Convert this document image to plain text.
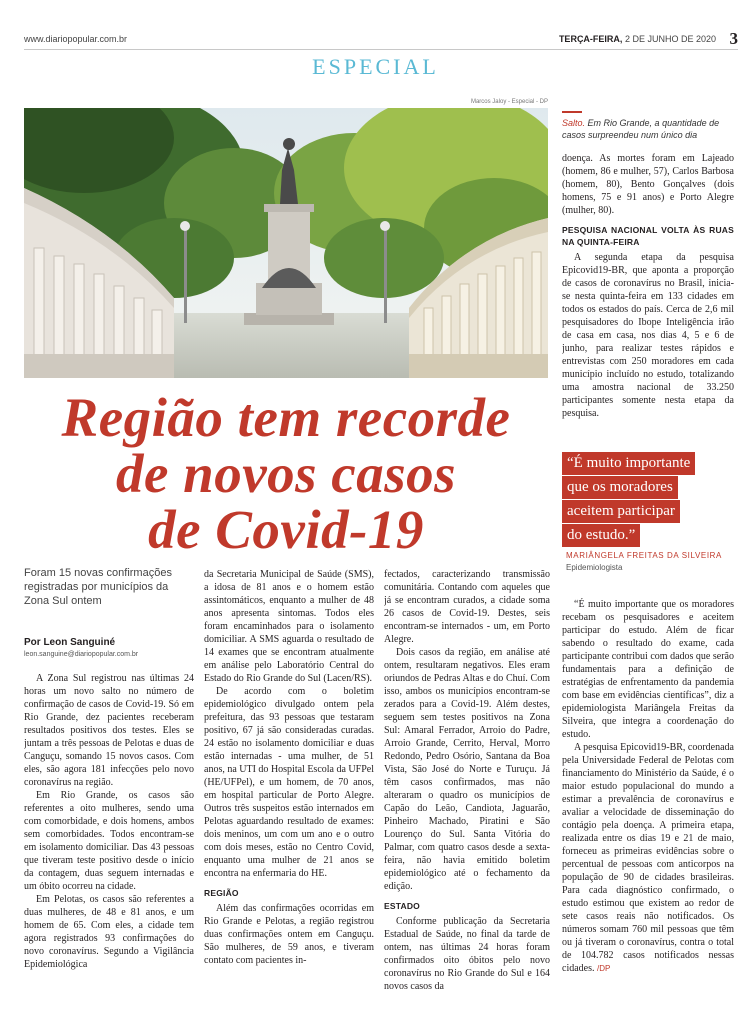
www.diariopopular.com.br	TERÇA-FEIRA, 2 DE JUNHO DE 2020 3
ESPECIAL
Marcos Jaloy - Especial - DP
Salto. Em Rio Grande, a quantidade de casos surpreendeu num único dia
Região tem recorde
de novos casos
de Covid-19
Foram 15 novas confirmações registradas por municípios da Zona Sul ontem
Por Leon Sanguiné
leon.sanguine@diariopopular.com.br

A Zona Sul registrou nas últimas 24 horas um novo salto no número de confirmação de casos de Covid-19. Só em Rio Grande, dez pacientes receberam resultados positivos dos testes. Eles se juntam a três pessoas de Pelotas e duas de Canguçu, somando 15 novos casos. Com eles, são agora 181 infecções pelo novo coronavírus na região.

Em Rio Grande, os casos são referentes a oito mulheres, sendo uma com comorbidade, e dois homens, ambos sem comorbidades. Todos encontram-se em isolamento domiciliar. Das 43 pessoas que tiveram teste positivo desde o início da contagem, duas seguem internadas e um óbito ocorreu na cidade.

Em Pelotas, os casos são referentes a duas mulheres, de 48 e 81 anos, e um homem de 65. Com eles, a cidade tem agora registrados 93 confirmações do novo coronavírus. Segundo a Vigilância Epidemiológica

da Secretaria Municipal de Saúde (SMS), a idosa de 81 anos e o homem estão assintomáticos, enquanto a mulher de 48 anos apresenta sintomas. Todos eles foram encaminhados para o isolamento domiciliar. A SMS aguarda o resultado de 14 exames que se encontram atualmente em análise pelo Laboratório Central do Estado do Rio Grande do Sul (Lacen/RS).

De acordo com o boletim epidemiológico divulgado ontem pela prefeitura, das 93 pessoas que testaram positivo, 67 já são consideradas curadas. 24 estão no isolamento domiciliar e duas estão internadas - uma mulher, de 51 anos, na UTI do Hospital Escola da UFPel (HE/UFPel), e um homem, de 70 anos, em hospital particular de Porto Alegre. Outros três suspeitos estão internados em Pelotas aguardando resultado de exames: dois meninos, um com um ano e o outro com dois meses, estão no Centro Covid, enquanto uma mulher de 21 anos se encontra na enfermaria do HE.

REGIÃO

Além das confirmações ocorridas em Rio Grande e Pelotas, a região registrou duas confirmações ontem em Canguçu. São mulheres, de 59 anos, e tiveram contato com pacientes in-

fectados, caracterizando transmissão comunitária. Contando com aqueles que já se encontram curados, a cidade soma 26 casos de Covid-19. Destes, seis encontram-se internados - um, em Porto Alegre.

Dois casos da região, em análise até ontem, resultaram negativos. Eles eram oriundos de Pedras Altas e do Chuí. Com isso, ambos os municípios encontram-se zerados para a Covid-19. Além destes, seguem sem testes positivos na Zona Sul: Amaral Ferrador, Arroio do Padre, Arroio Grande, Cerrito, Herval, Morro Redondo, Pedro Osório, Santana da Boa Vista, São José do Norte e Turuçu. Já têm casos confirmados, mas não alteraram o quadro os municípios de Capão do Leão, Candiota, Jaguarão, Pinheiro Machado, Piratini e São Lourenço do Sul. Santa Vitória do Palmar, com quatro casos desde a sexta-feira, não havia emitido boletim epidemiológico até o fechamento da edição.

ESTADO

Conforme publicação da Secretaria Estadual de Saúde, no final da tarde de ontem, nas últimas 24 horas foram confirmados oito óbitos pelo novo coronavírus no Rio Grande do Sul e 164 novos casos da

doença. As mortes foram em Lajeado (homem, 86 e mulher, 57), Carlos Barbosa (homem, 80), Bento Gonçalves (dois homens, 75 e 91 anos) e Porto Alegre (mulher, 80).

PESQUISA NACIONAL VOLTA ÀS RUAS NA QUINTA-FEIRA

A segunda etapa da pesquisa Epicovid19-BR, que aponta a proporção de casos de coronavírus no Brasil, inicia-se nesta quinta-feira em 133 cidades em todos os estados do país. Cerca de 2,6 mil pesquisadores do Ibope Inteligência irão de casa em casa, nos dias 4, 5 e 6 de junho, para realizar testes rápidos e entrevistas com 250 moradores em cada município incluído no estudo, totalizando uma amostra nacional de 33.250 participantes somente nesta etapa da pesquisa.

“É muito importante
que os moradores
aceitem participar
do estudo.”
MARIÂNGELA FREITAS DA SILVEIRA
Epidemiologista

“É muito importante que os moradores recebam os pesquisadores e aceitem participar do estudo. Além de ficar sabendo o resultado do exame, cada participante contribui com dados que serão fundamentais para a definição de estratégias de enfrentamento da pandemia com base em evidências científicas”, diz a epidemiologista Mariângela Freitas da Silveira, que integra a coordenação do estudo.

A pesquisa Epicovid19-BR, coordenada pela Universidade Federal de Pelotas com financiamento do Ministério da Saúde, é o maior estudo populacional do mundo a estimar a prevalência de coronavírus e avaliar a velocidade de disseminação do contágio pela doença. A primeira etapa, realizada entre os dias 19 e 21 de maio, forneceu as primeiras evidências sobre o percentual de pessoas com anticorpos na população de 90 de cidades brasileiras. Para cada diagnóstico confirmado, o estudo estimou que existem ao redor de sete casos reais não notificados. Os números somam 760 mil pessoas que têm ou já tiveram o coronavírus, contra o total de 104.782 casos notificados nessas cidades. /DP
